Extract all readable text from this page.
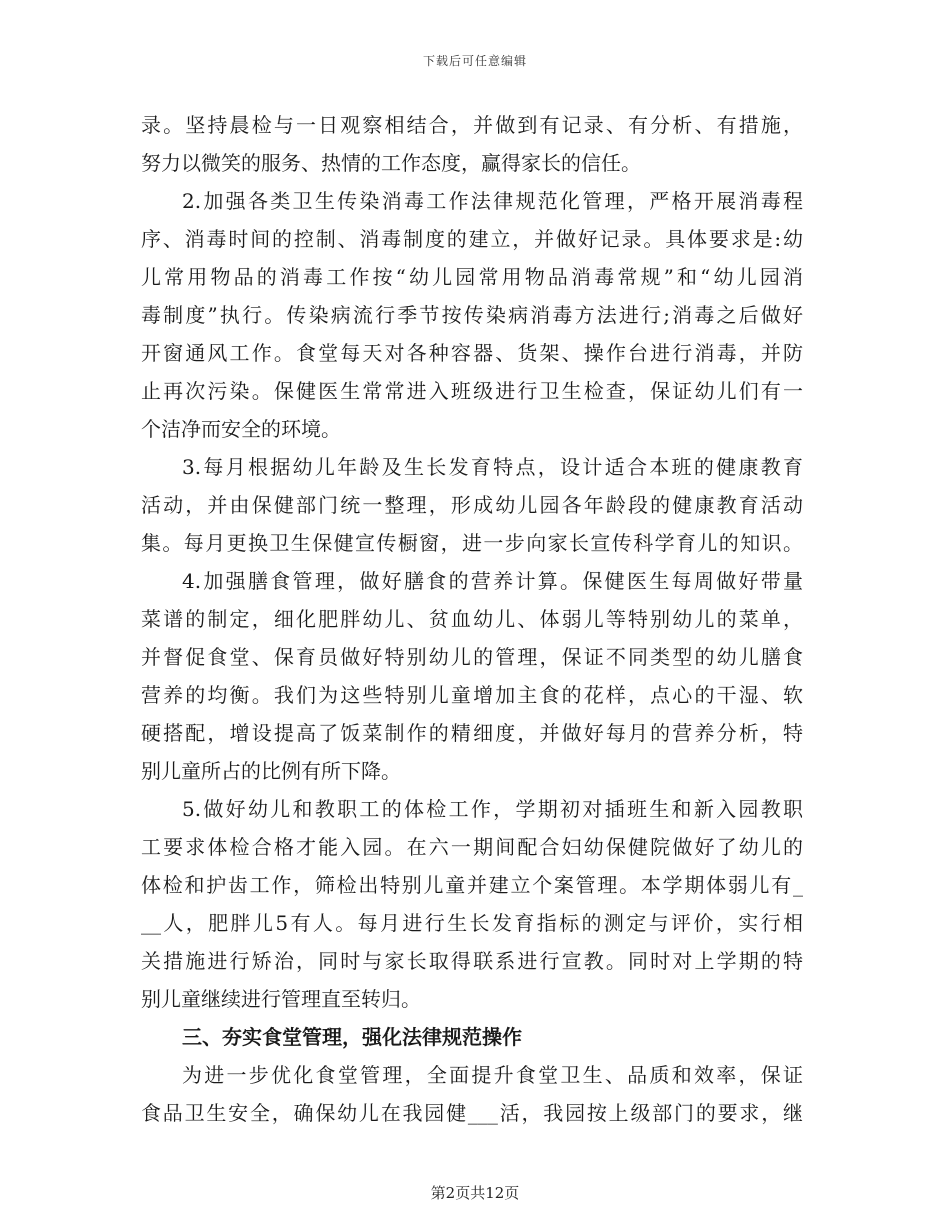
下载后可任意编辑
录。坚持晨检与一日观察相结合，并做到有记录、有分析、有措施，
努力以微笑的服务、热情的工作态度，赢得家长的信任。
2.加强各类卫生传染消毒工作法律规范化管理，严格开展消毒程
序、消毒时间的控制、消毒制度的建立，并做好记录。具体要求是:幼
儿常用物品的消毒工作按“幼儿园常用物品消毒常规”和“幼儿园消
毒制度”执行。传染病流行季节按传染病消毒方法进行;消毒之后做好
开窗通风工作。食堂每天对各种容器、货架、操作台进行消毒，并防
止再次污染。保健医生常常进入班级进行卫生检查，保证幼儿们有一
个洁净而安全的环境。
3.每月根据幼儿年龄及生长发育特点，设计适合本班的健康教育
活动，并由保健部门统一整理，形成幼儿园各年龄段的健康教育活动
集。每月更换卫生保健宣传橱窗，进一步向家长宣传科学育儿的知识。
4.加强膳食管理，做好膳食的营养计算。保健医生每周做好带量
菜谱的制定，细化肥胖幼儿、贫血幼儿、体弱儿等特别幼儿的菜单，
并督促食堂、保育员做好特别幼儿的管理，保证不同类型的幼儿膳食
营养的均衡。我们为这些特别儿童增加主食的花样，点心的干湿、软
硬搭配，增设提高了饭菜制作的精细度，并做好每月的营养分析，特
别儿童所占的比例有所下降。
5.做好幼儿和教职工的体检工作，学期初对插班生和新入园教职
工要求体检合格才能入园。在六一期间配合妇幼保健院做好了幼儿的
体检和护齿工作，筛检出特别儿童并建立个案管理。本学期体弱儿有_
__人，肥胖儿5有人。每月进行生长发育指标的测定与评价，实行相
关措施进行矫治，同时与家长取得联系进行宣教。同时对上学期的特
别儿童继续进行管理直至转归。
三、夯实食堂管理，强化法律规范操作
为进一步优化食堂管理，全面提升食堂卫生、品质和效率，保证
食品卫生安全，确保幼儿在我园健___活，我园按上级部门的要求，继
第2页共12页
